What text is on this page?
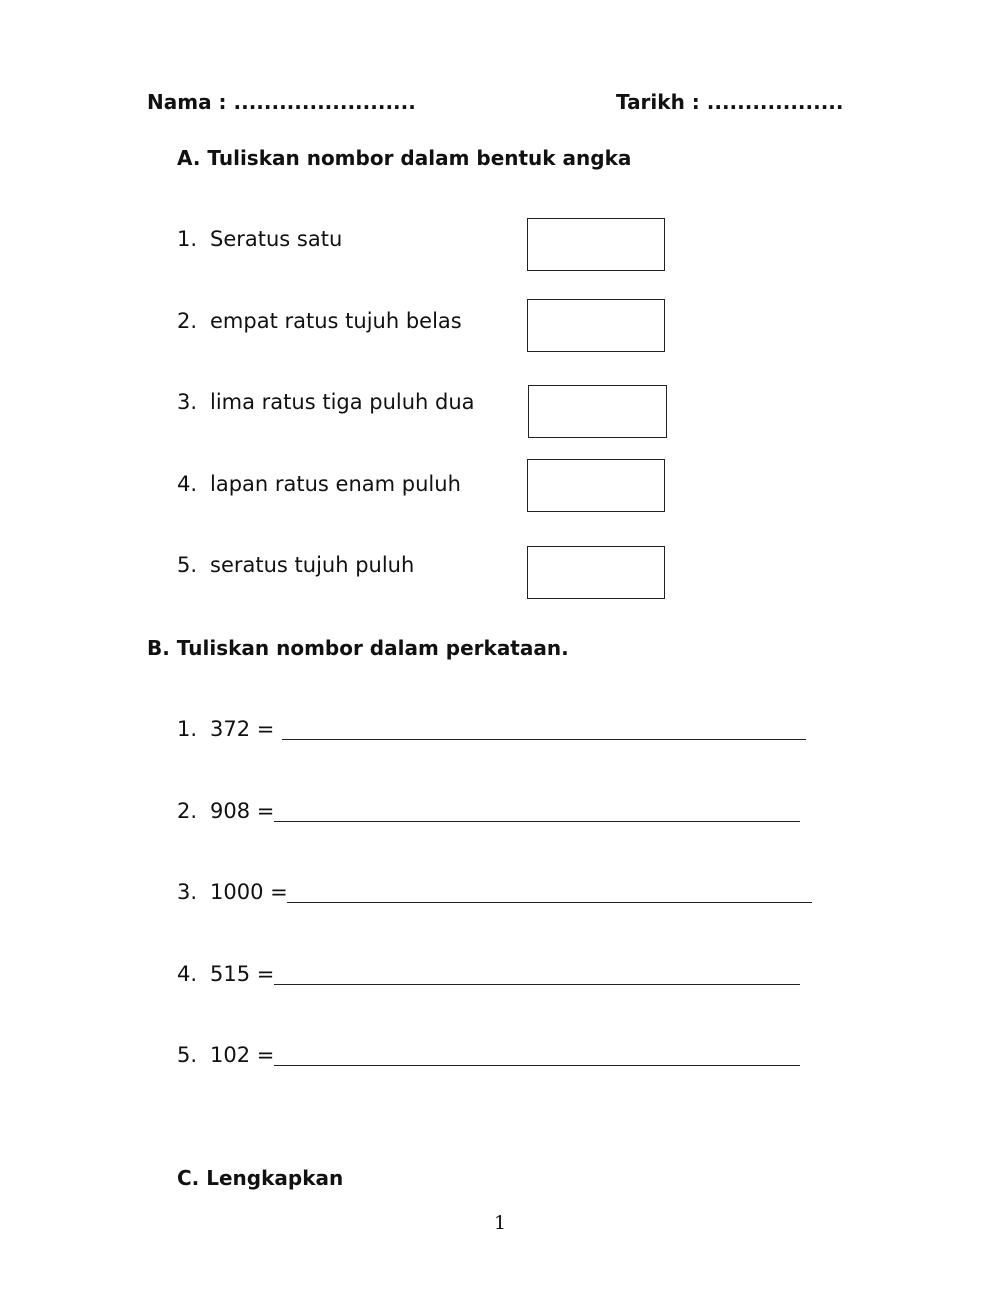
Nama : ........................	Tarikh : ..................
A. Tuliskan nombor dalam bentuk angka
1. Seratus satu
2. empat ratus tujuh belas
3. lima ratus tiga puluh dua
4. lapan ratus enam puluh
5. seratus tujuh puluh
B. Tuliskan nombor dalam perkataan.
1. 372 =
2. 908 =
3. 1000 =
4. 515 =
5. 102 =
C. Lengkapkan
1
